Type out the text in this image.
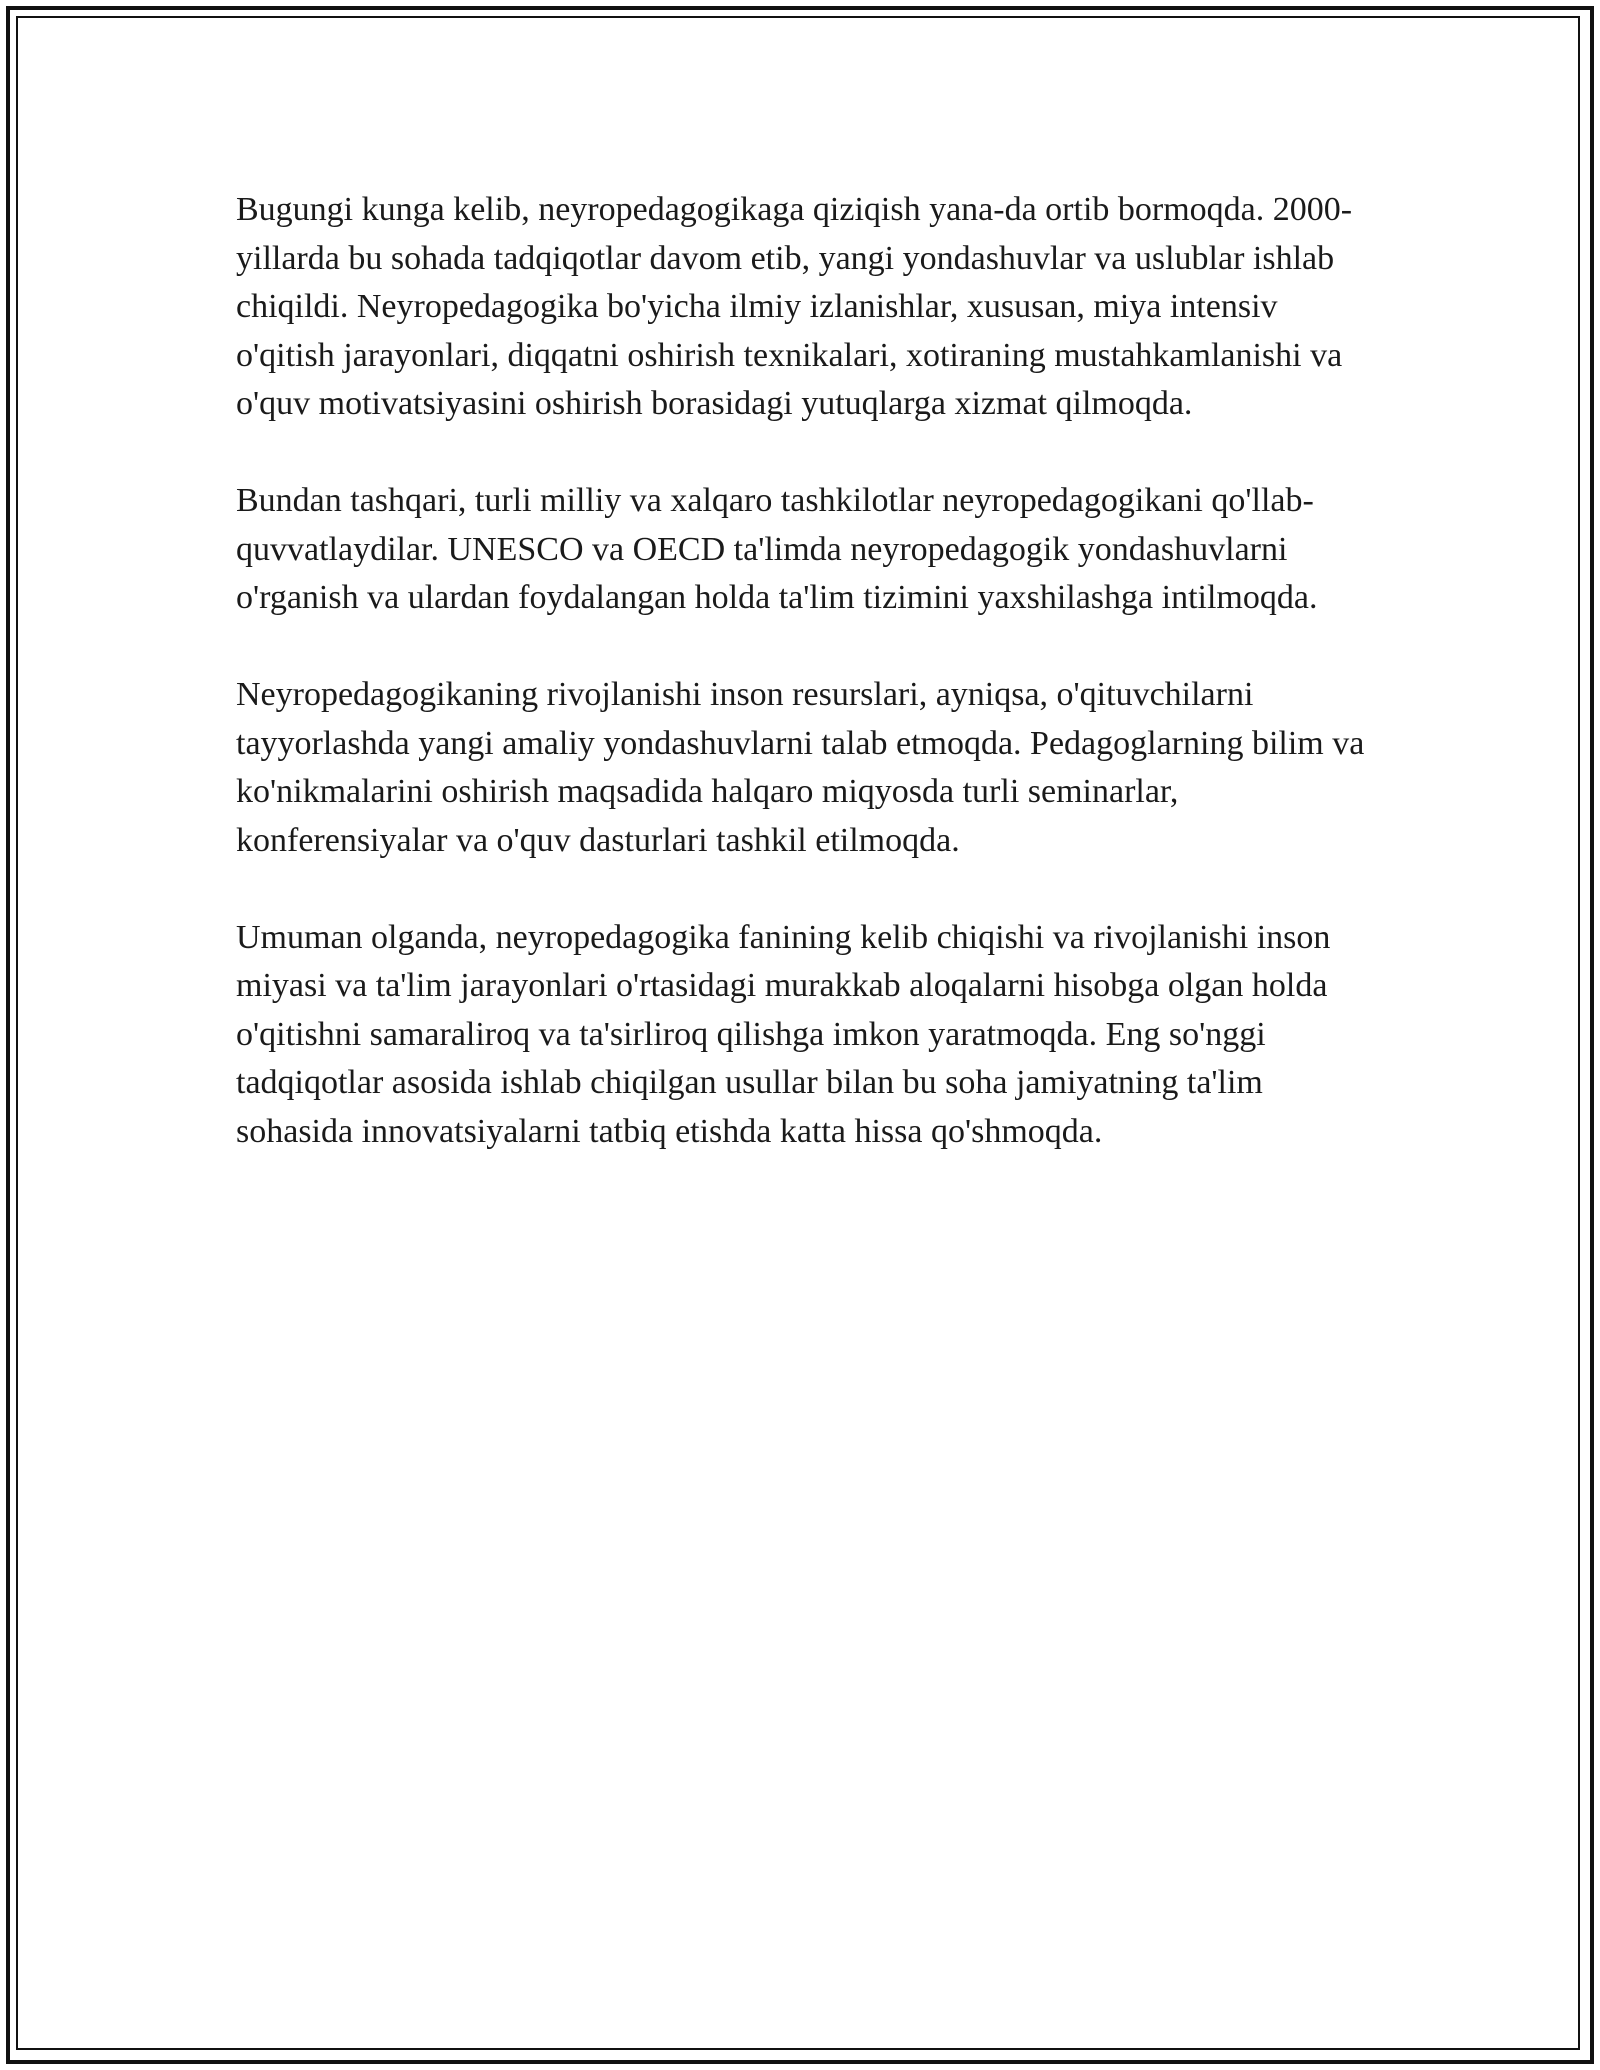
Bugungi kunga kelib, neyropedagogikaga qiziqish yana-da ortib bormoqda. 2000-yillarda bu sohada tadqiqotlar davom etib, yangi yondashuvlar va uslublar ishlab chiqildi. Neyropedagogika bo'yicha ilmiy izlanishlar, xususan, miya intensiv o'qitish jarayonlari, diqqatni oshirish texnikalari, xotiraning mustahkamlanishi va o'quv motivatsiyasini oshirish borasidagi yutuqlarga xizmat qilmoqda.

Bundan tashqari, turli milliy va xalqaro tashkilotlar neyropedagogikani qo'llab-quvvatlaydilar. UNESCO va OECD ta'limda neyropedagogik yondashuvlarni o'rganish va ulardan foydalangan holda ta'lim tizimini yaxshilashga intilmoqda.

Neyropedagogikaning rivojlanishi inson resurslari, ayniqsa, o'qituvchilarni tayyorlashda yangi amaliy yondashuvlarni talab etmoqda. Pedagoglarning bilim va ko'nikmalarini oshirish maqsadida halqaro miqyosda turli seminarlar, konferensiyalar va o'quv dasturlari tashkil etilmoqda.

Umuman olganda, neyropedagogika fanining kelib chiqishi va rivojlanishi inson miyasi va ta'lim jarayonlari o'rtasidagi murakkab aloqalarni hisobga olgan holda o'qitishni samaraliroq va ta'sirliroq qilishga imkon yaratmoqda. Eng so'nggi tadqiqotlar asosida ishlab chiqilgan usullar bilan bu soha jamiyatning ta'lim sohasida innovatsiyalarni tatbiq etishda katta hissa qo'shmoqda.
